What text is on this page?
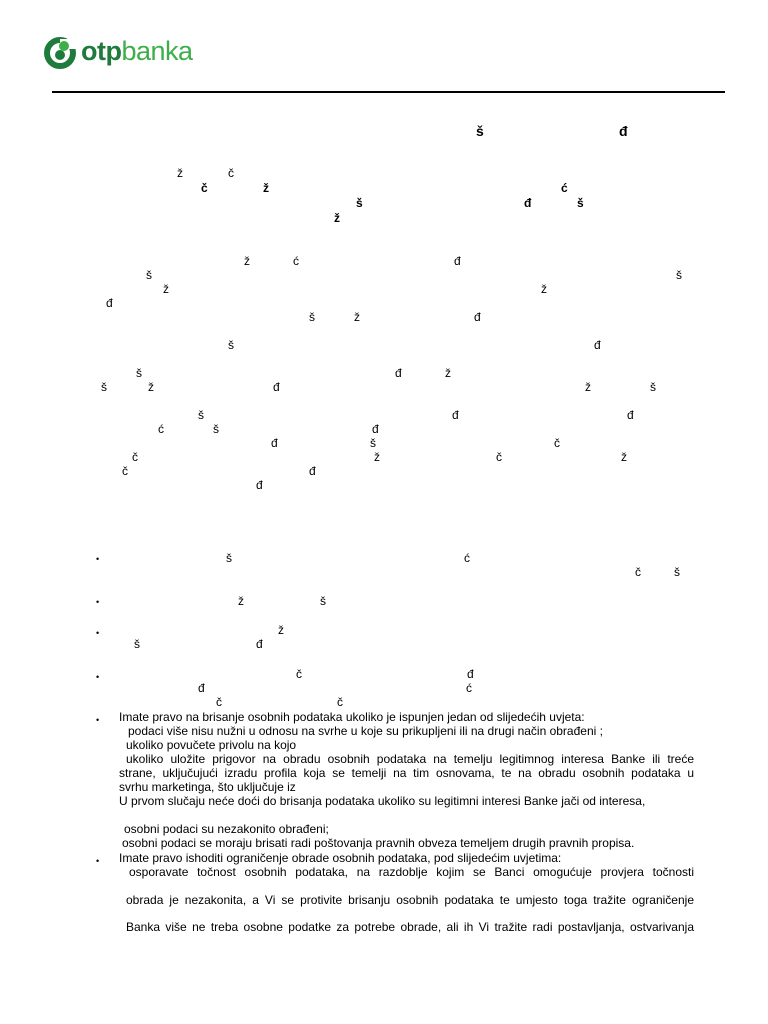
otpbanka
š	đ
ž	č
č	ž	ć
š	đ	š
ž
ž	ć	đ
š	š
ž	ž
đ
š	ž	đ
š	đ
š	đ	ž
š	ž	đ	ž	š
š	đ	đ
ć	š	đ
đ	š	č
č	ž	č	ž
č	đ
đ
•	š	ć
č	š
•	ž	š
•	ž
š	đ
•	č	đ
đ	ć
č	č
• Imate pravo na brisanje osobnih podataka ukoliko je ispunjen jedan od slijedećih uvjeta:
podaci više nisu nužni u odnosu na svrhe u koje su prikupljeni ili na drugi način obrađeni ;
ukoliko povučete privolu na kojo
ukoliko uložite prigovor na obradu osobnih podataka na temelju legitimnog interesa Banke ili treće
strane, uključujući izradu profila koja se temelji na tim osnovama, te na obradu osobnih podataka u
svrhu marketinga, što uključuje iz
U prvom slučaju neće doći do brisanja podataka ukoliko su legitimni interesi Banke jači od interesa,
osobni podaci su nezakonito obrađeni;
osobni podaci se moraju brisati radi poštovanja pravnih obveza temeljem drugih pravnih propisa.
• Imate pravo ishoditi ograničenje obrade osobnih podataka, pod slijedećim uvjetima:
osporavate točnost osobnih podataka, na razdoblje kojim se Banci omogućuje provjera točnosti
obrada je nezakonita, a Vi se protivite brisanju osobnih podataka te umjesto toga tražite ograničenje
Banka više ne treba osobne podatke za potrebe obrade, ali ih Vi tražite radi postavljanja, ostvarivanja
